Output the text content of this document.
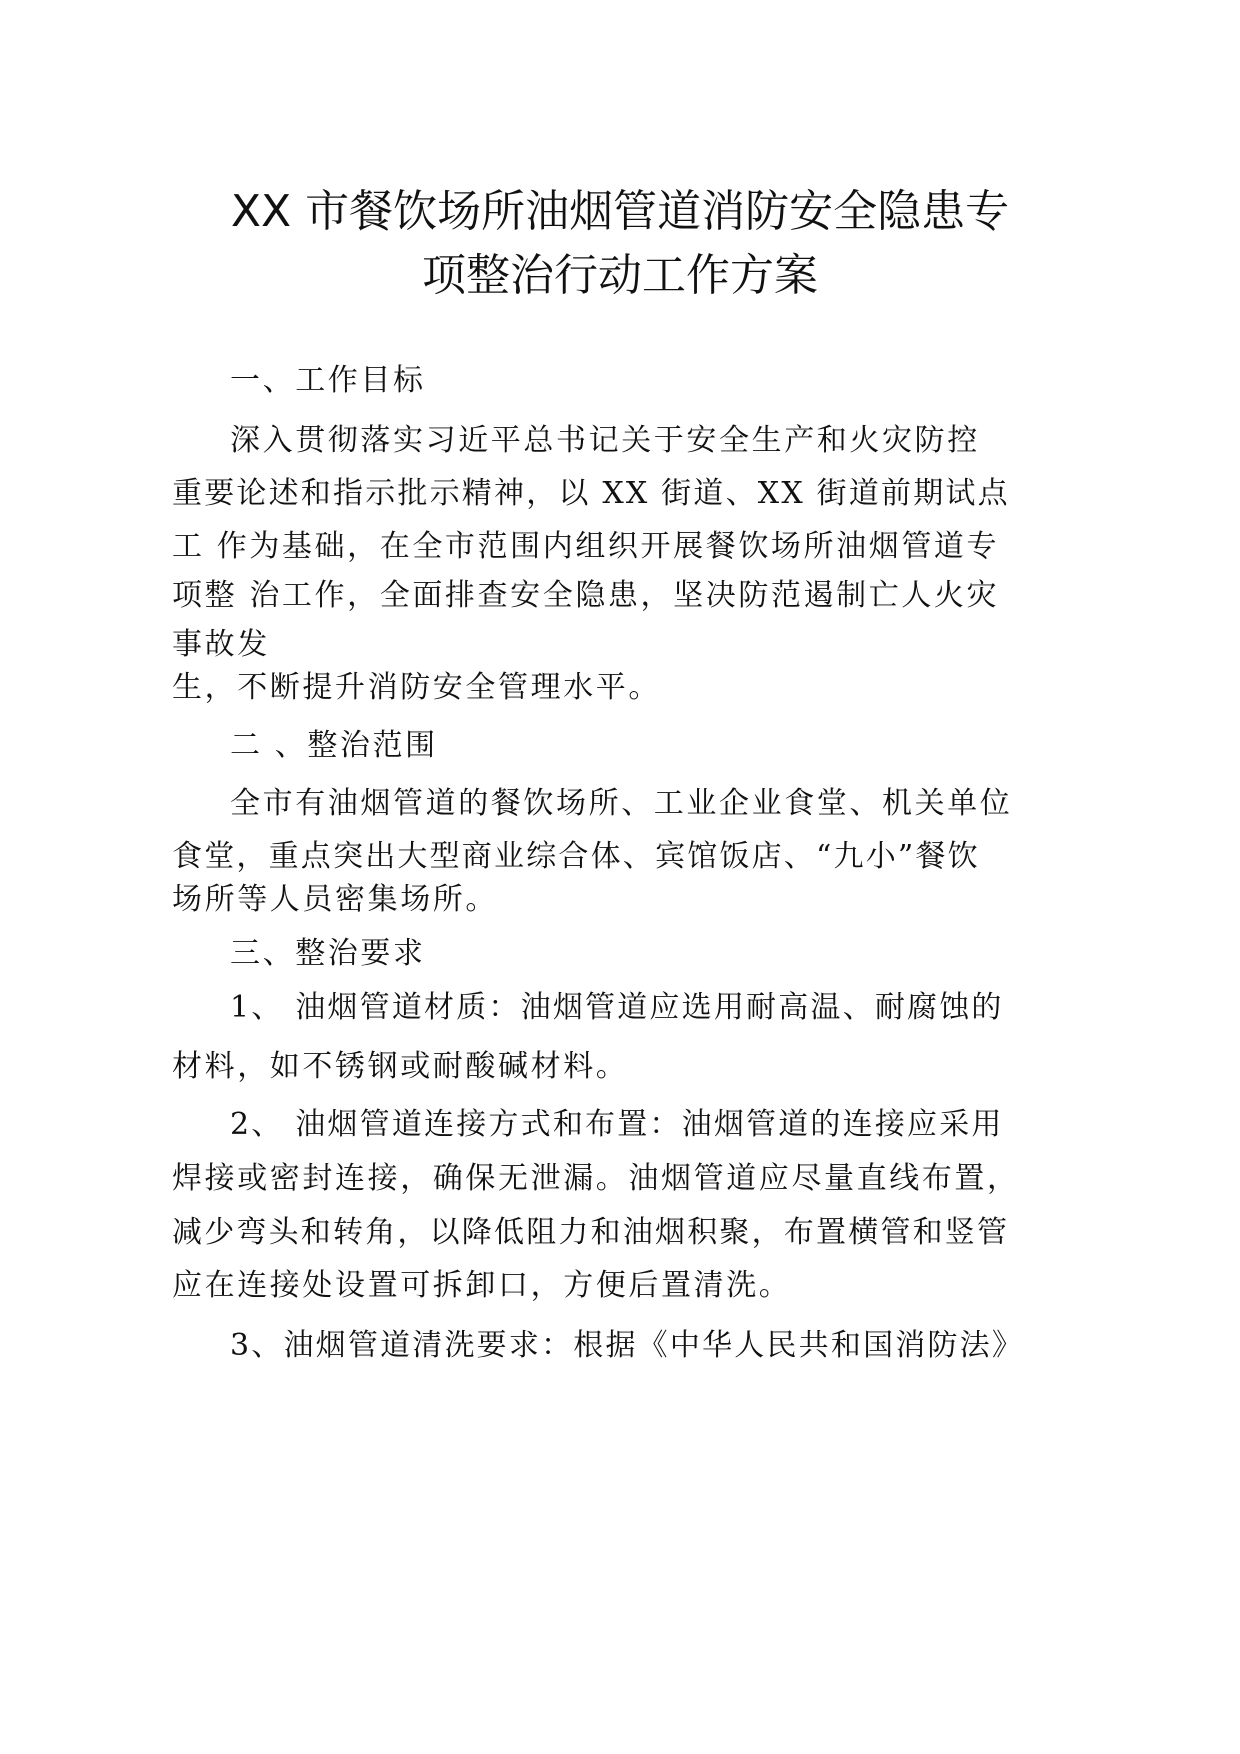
XX 市餐饮场所油烟管道消防安全隐患专
项整治行动工作方案
一、工作目标
深入贯彻落实习近平总书记关于安全生产和火灾防控
重要论述和指示批示精神，以 XX 街道、XX 街道前期试点
工 作为基础，在全市范围内组织开展餐饮场所油烟管道专
项整 治工作，全面排查安全隐患，坚决防范遏制亡人火灾
事故发
生，不断提升消防安全管理水平。
二 、整治范围
全市有油烟管道的餐饮场所、工业企业食堂、机关单位
食堂，重点突出大型商业综合体、宾馆饭店、“九小”餐饮
场所等人员密集场所。
三、整治要求
1、 油烟管道材质：油烟管道应选用耐高温、耐腐蚀的
材料，如不锈钢或耐酸碱材料。
2、 油烟管道连接方式和布置：油烟管道的连接应采用
焊接或密封连接，确保无泄漏。油烟管道应尽量直线布置，
减少弯头和转角，以降低阻力和油烟积聚，布置横管和竖管
应在连接处设置可拆卸口，方便后置清洗。
3、油烟管道清洗要求：根据《中华人民共和国消防法》
